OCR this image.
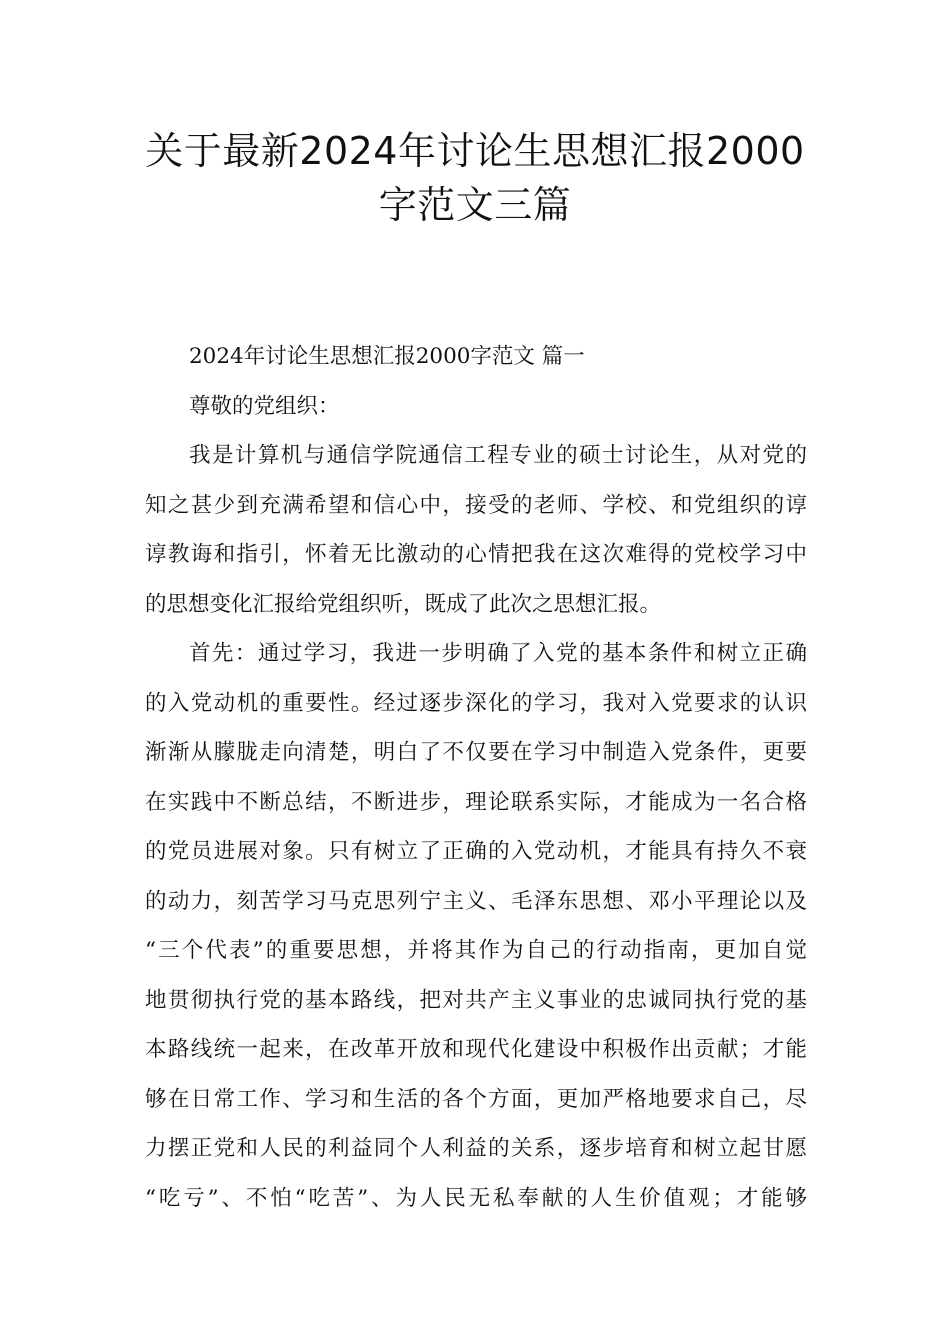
关于最新2024年讨论生思想汇报2000
字范文三篇
2024年讨论生思想汇报2000字范文 篇一
尊敬的党组织：
我是计算机与通信学院通信工程专业的硕士讨论生，从对党的
知之甚少到充满希望和信心中，接受的老师、学校、和党组织的谆
谆教诲和指引，怀着无比激动的心情把我在这次难得的党校学习中
的思想变化汇报给党组织听，既成了此次之思想汇报。
首先：通过学习，我进一步明确了入党的基本条件和树立正确
的入党动机的重要性。经过逐步深化的学习，我对入党要求的认识
渐渐从朦胧走向清楚，明白了不仅要在学习中制造入党条件，更要
在实践中不断总结，不断进步，理论联系实际，才能成为一名合格
的党员进展对象。只有树立了正确的入党动机，才能具有持久不衰
的动力，刻苦学习马克思列宁主义、毛泽东思想、邓小平理论以及
“三个代表”的重要思想，并将其作为自己的行动指南，更加自觉
地贯彻执行党的基本路线，把对共产主义事业的忠诚同执行党的基
本路线统一起来，在改革开放和现代化建设中积极作出贡献；才能
够在日常工作、学习和生活的各个方面，更加严格地要求自己，尽
力摆正党和人民的利益同个人利益的关系，逐步培育和树立起甘愿
“吃亏”、不怕“吃苦”、为人民无私奉献的人生价值观；才能够
